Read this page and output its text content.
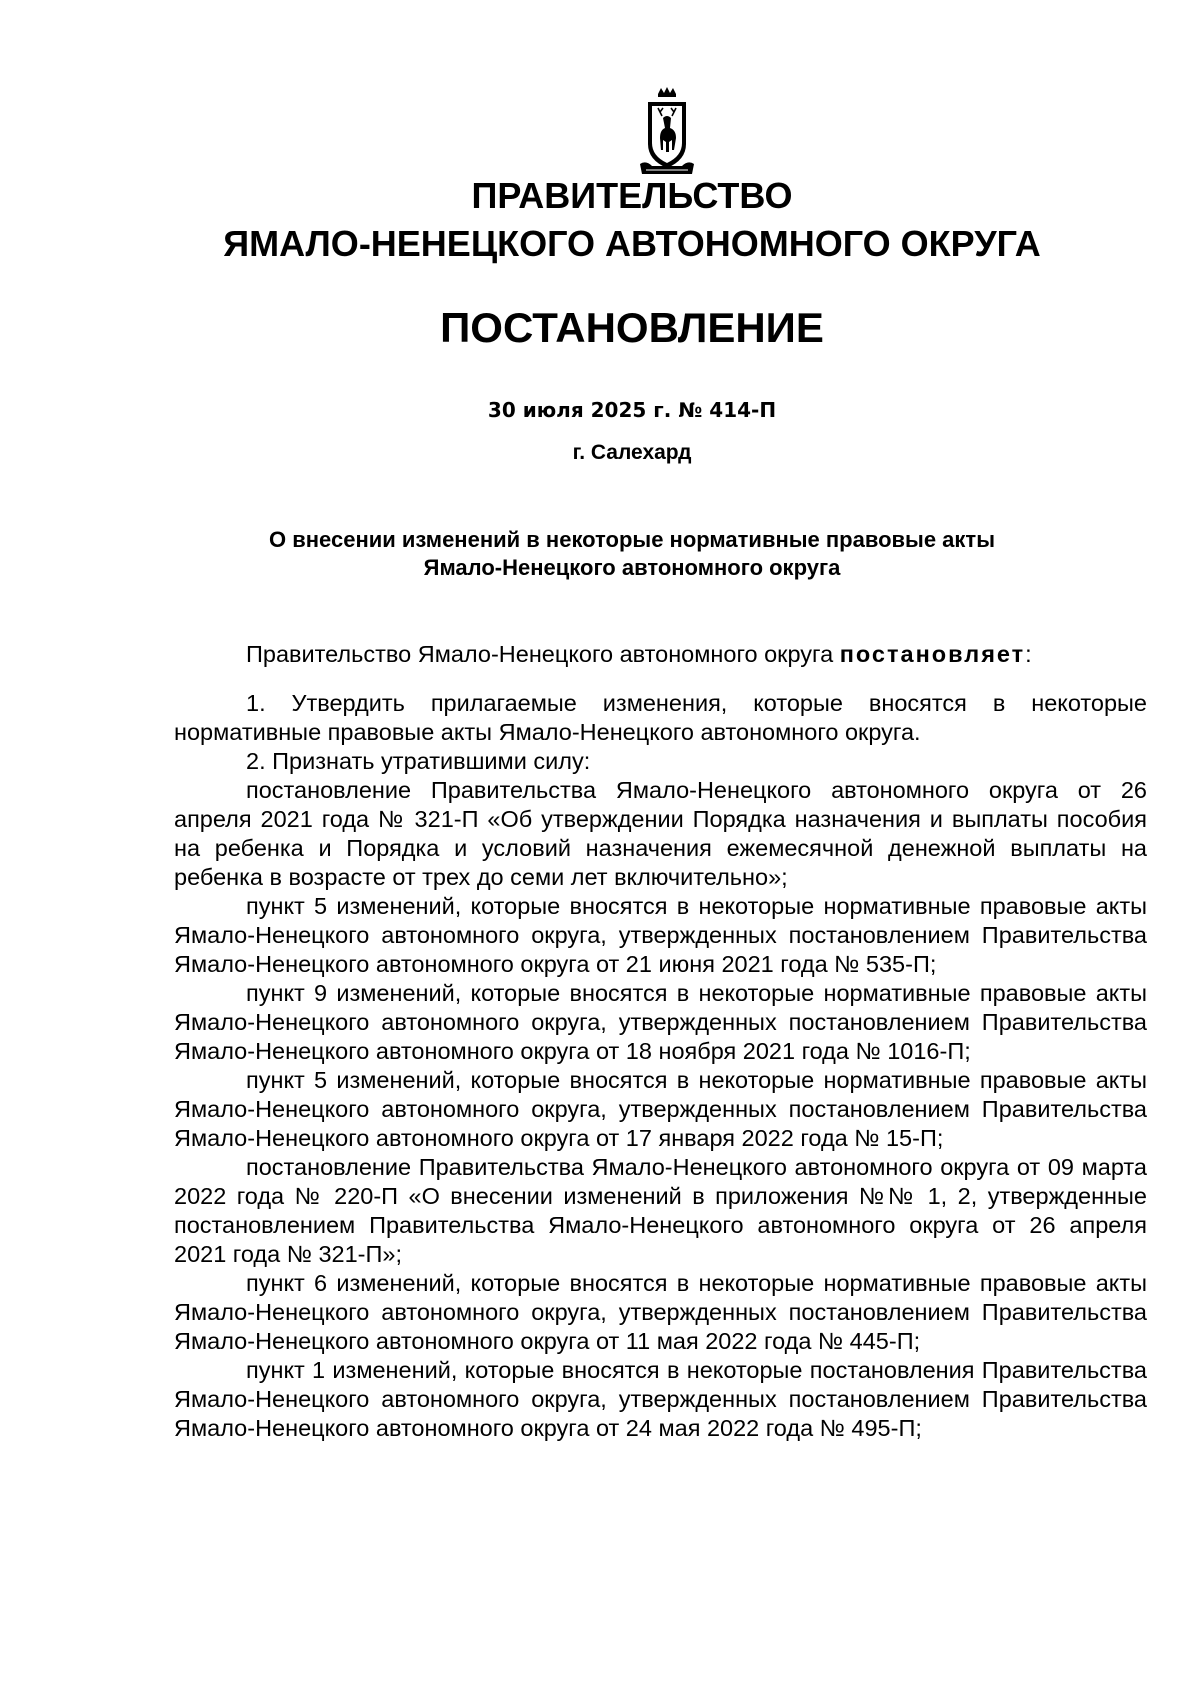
ПРАВИТЕЛЬСТВО
ЯМАЛО-НЕНЕЦКОГО АВТОНОМНОГО ОКРУГА
ПОСТАНОВЛЕНИЕ
30 июля 2025 г. № 414-П
г. Салехард
О внесении изменений в некоторые нормативные правовые акты
Ямало-Ненецкого автономного округа

Правительство Ямало-Ненецкого автономного округа постановляет:

1. Утвердить прилагаемые изменения, которые вносятся в некоторые нормативные правовые акты Ямало-Ненецкого автономного округа.

2. Признать утратившими силу:

постановление Правительства Ямало-Ненецкого автономного округа от 26 апреля 2021 года № 321-П «Об утверждении Порядка назначения и выплаты пособия на ребенка и Порядка и условий назначения ежемесячной денежной выплаты на ребенка в возрасте от трех до семи лет включительно»;

пункт 5 изменений, которые вносятся в некоторые нормативные правовые акты Ямало-Ненецкого автономного округа, утвержденных постановлением Правительства Ямало-Ненецкого автономного округа от 21 июня 2021 года № 535-П;

пункт 9 изменений, которые вносятся в некоторые нормативные правовые акты Ямало-Ненецкого автономного округа, утвержденных постановлением Правительства Ямало-Ненецкого автономного округа от 18 ноября 2021 года № 1016-П;

пункт 5 изменений, которые вносятся в некоторые нормативные правовые акты Ямало-Ненецкого автономного округа, утвержденных постановлением Правительства Ямало-Ненецкого автономного округа от 17 января 2022 года № 15-П;

постановление Правительства Ямало-Ненецкого автономного округа от 09 марта 2022 года № 220-П «О внесении изменений в приложения №№ 1, 2, утвержденные постановлением Правительства Ямало-Ненецкого автономного округа от 26 апреля 2021 года № 321-П»;

пункт 6 изменений, которые вносятся в некоторые нормативные правовые акты Ямало-Ненецкого автономного округа, утвержденных постановлением Правительства Ямало-Ненецкого автономного округа от 11 мая 2022 года № 445-П;

пункт 1 изменений, которые вносятся в некоторые постановления Правительства Ямало-Ненецкого автономного округа, утвержденных постановлением Правительства Ямало-Ненецкого автономного округа от 24 мая 2022 года № 495-П;
